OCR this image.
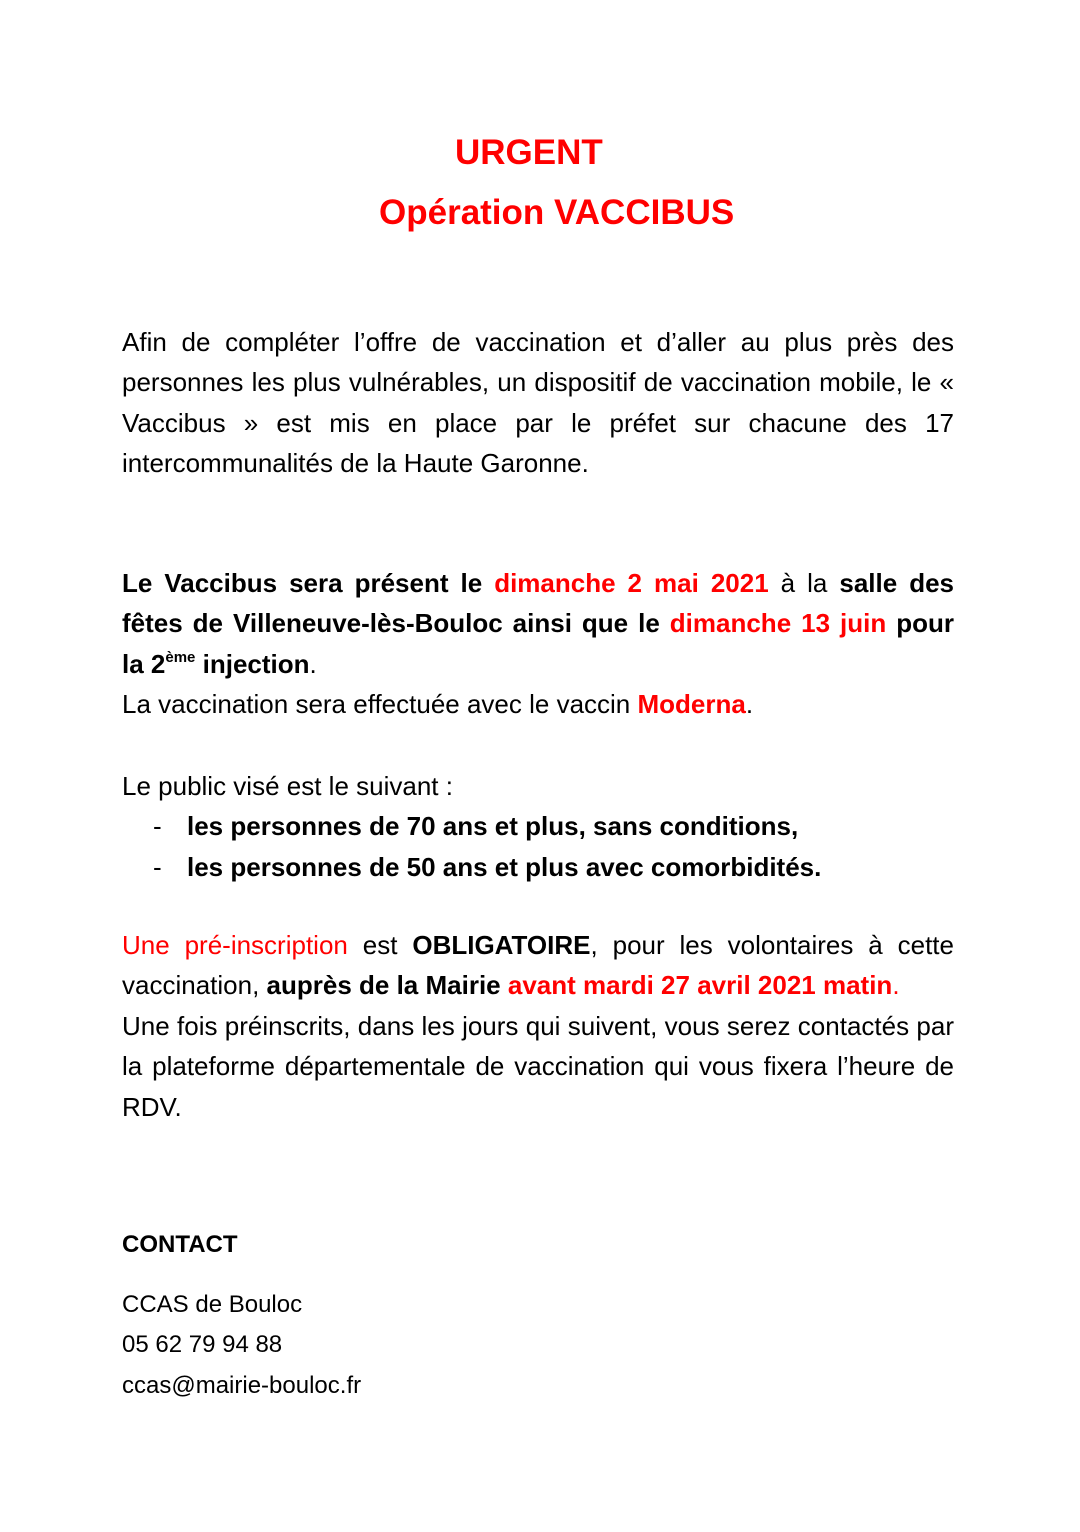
URGENT
Opération VACCIBUS
Afin de compléter l’offre de vaccination et d’aller au plus près des personnes les plus vulnérables, un dispositif de vaccination mobile, le « Vaccibus » est mis en place par le préfet sur chacune des 17 intercommunalités de la Haute Garonne.
Le Vaccibus sera présent le dimanche 2 mai 2021 à la salle des fêtes de Villeneuve-lès-Bouloc ainsi que le dimanche 13 juin pour la 2ème injection.
La vaccination sera effectuée avec le vaccin Moderna.
Le public visé est le suivant :
- les personnes de 70 ans et plus, sans conditions,
- les personnes de 50 ans et plus avec comorbidités.
Une pré-inscription est OBLIGATOIRE, pour les volontaires à cette vaccination, auprès de la Mairie avant mardi 27 avril 2021 matin.
Une fois préinscrits, dans les jours qui suivent, vous serez contactés par la plateforme départementale de vaccination qui vous fixera l’heure de RDV.
CONTACT
CCAS de Bouloc
05 62 79 94 88
ccas@mairie-bouloc.fr
